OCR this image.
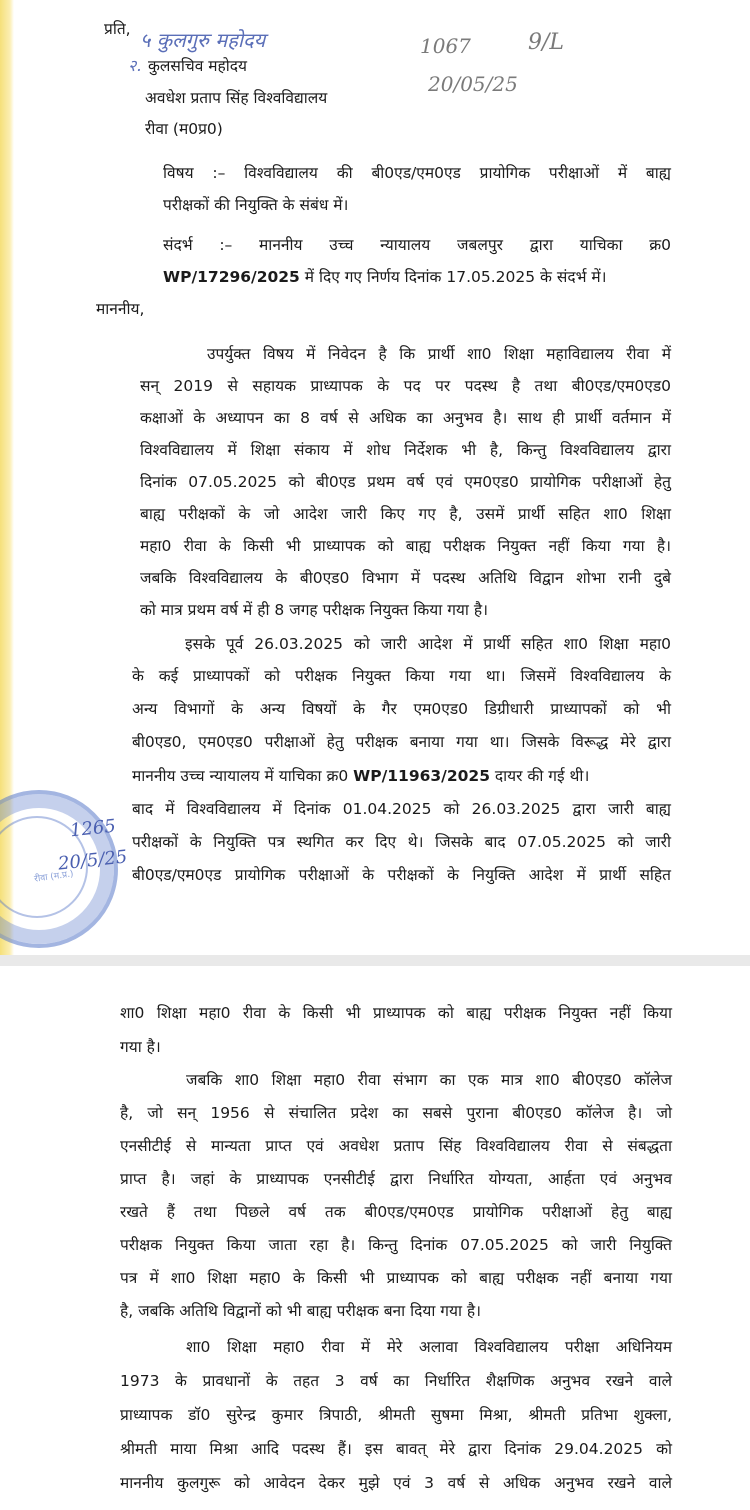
प्रति, ५ कुलगुरु महोदय	1067	9/L
20/05/25
२. कुलसचिव महोदय
अवधेश प्रताप सिंह विश्वविद्यालय
रीवा (म0प्र0)
विषय :– विश्वविद्यालय की बी0एड/एम0एड प्रायोगिक परीक्षाओं में बाह्य
परीक्षकों की नियुक्ति के संबंध में।
संदर्भ :– माननीय उच्च न्यायालय जबलपुर द्वारा याचिका क्र0
WP/17296/2025 में दिए गए निर्णय दिनांक 17.05.2025 के संदर्भ में।
माननीय,
उपर्युक्त विषय में निवेदन है कि प्रार्थी शा0 शिक्षा महाविद्यालय रीवा में
सन् 2019 से सहायक प्राध्यापक के पद पर पदस्थ है तथा बी0एड/एम0एड0
कक्षाओं के अध्यापन का 8 वर्ष से अधिक का अनुभव है। साथ ही प्रार्थी वर्तमान में
विश्वविद्यालय में शिक्षा संकाय में शोध निर्देशक भी है, किन्तु विश्वविद्यालय द्वारा
दिनांक 07.05.2025 को बी0एड प्रथम वर्ष एवं एम0एड0 प्रायोगिक परीक्षाओं हेतु
बाह्य परीक्षकों के जो आदेश जारी किए गए है, उसमें प्रार्थी सहित शा0 शिक्षा
महा0 रीवा के किसी भी प्राध्यापक को बाह्य परीक्षक नियुक्त नहीं किया गया है।
जबकि विश्वविद्यालय के बी0एड0 विभाग में पदस्थ अतिथि विद्वान शोभा रानी दुबे
को मात्र प्रथम वर्ष में ही 8 जगह परीक्षक नियुक्त किया गया है।
इसके पूर्व 26.03.2025 को जारी आदेश में प्रार्थी सहित शा0 शिक्षा महा0
के कई प्राध्यापकों को परीक्षक नियुक्त किया गया था। जिसमें विश्वविद्यालय के
अन्य विभागों के अन्य विषयों के गैर एम0एड0 डिग्रीधारी प्राध्यापकों को भी
बी0एड0, एम0एड0 परीक्षाओं हेतु परीक्षक बनाया गया था। जिसके विरूद्ध मेरे द्वारा
माननीय उच्च न्यायालय में याचिका क्र0 WP/11963/2025 दायर की गई थी।
बाद में विश्वविद्यालय में दिनांक 01.04.2025 को 26.03.2025 द्वारा जारी बाह्य
परीक्षकों के नियुक्ति पत्र स्थगित कर दिए थे। जिसके बाद 07.05.2025 को जारी
बी0एड/एम0एड प्रायोगिक परीक्षाओं के परीक्षकों के नियुक्ति आदेश में प्रार्थी सहित
रीवा (म.प्र.)
1265
20/5/25
शा0 शिक्षा महा0 रीवा के किसी भी प्राध्यापक को बाह्य परीक्षक नियुक्त नहीं किया
गया है।
जबकि शा0 शिक्षा महा0 रीवा संभाग का एक मात्र शा0 बी0एड0 कॉलेज
है, जो सन् 1956 से संचालित प्रदेश का सबसे पुराना बी0एड0 कॉलेज है। जो
एनसीटीई से मान्यता प्राप्त एवं अवधेश प्रताप सिंह विश्वविद्यालय रीवा से संबद्धता
प्राप्त है। जहां के प्राध्यापक एनसीटीई द्वारा निर्धारित योग्यता, आर्हता एवं अनुभव
रखते हैं तथा पिछले वर्ष तक बी0एड/एम0एड प्रायोगिक परीक्षाओं हेतु बाह्य
परीक्षक नियुक्त किया जाता रहा है। किन्तु दिनांक 07.05.2025 को जारी नियुक्ति
पत्र में शा0 शिक्षा महा0 के किसी भी प्राध्यापक को बाह्य परीक्षक नहीं बनाया गया
है, जबकि अतिथि विद्वानों को भी बाह्य परीक्षक बना दिया गया है।
शा0 शिक्षा महा0 रीवा में मेरे अलावा विश्वविद्यालय परीक्षा अधिनियम
1973 के प्रावधानों के तहत 3 वर्ष का निर्धारित शैक्षणिक अनुभव रखने वाले
प्राध्यापक डॉ0 सुरेन्द्र कुमार त्रिपाठी, श्रीमती सुषमा मिश्रा, श्रीमती प्रतिभा शुक्ला,
श्रीमती माया मिश्रा आदि पदस्थ हैं। इस बावत् मेरे द्वारा दिनांक 29.04.2025 को
माननीय कुलगुरू को आवेदन देकर मुझे एवं 3 वर्ष से अधिक अनुभव रखने वाले
